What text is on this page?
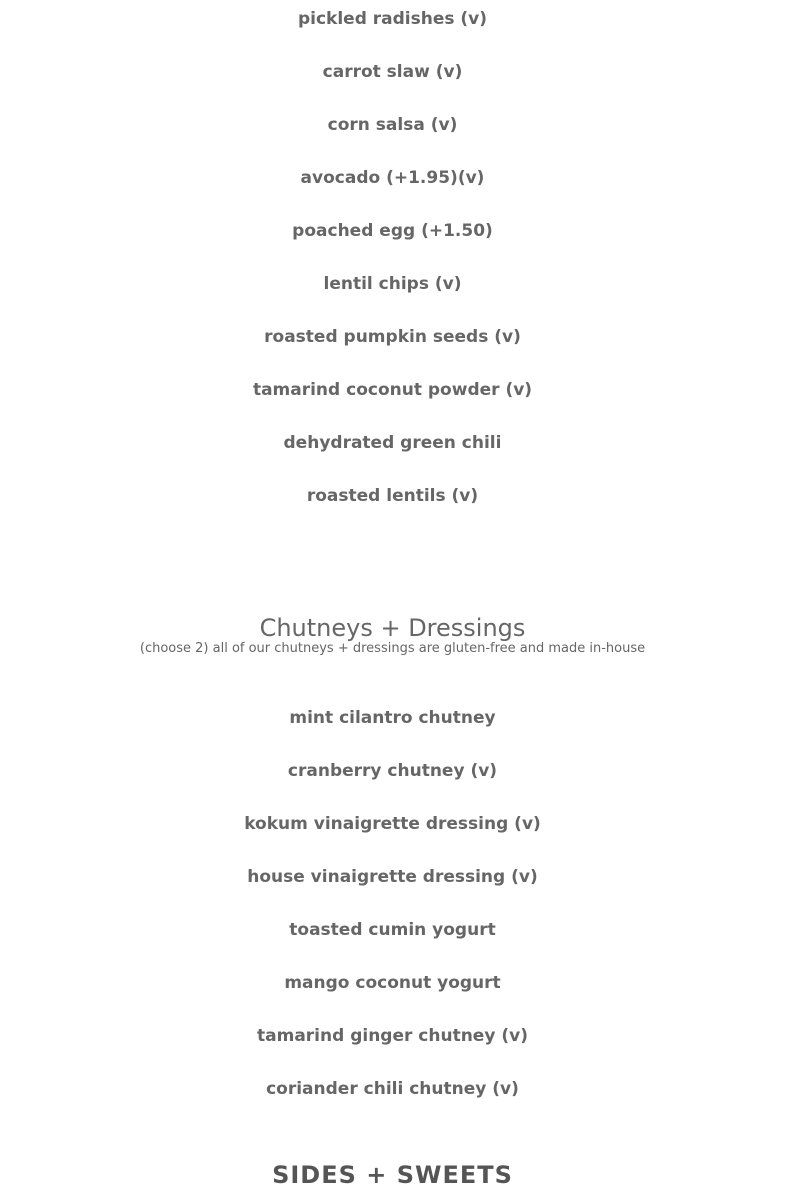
pickled radishes (v)
carrot slaw (v)
corn salsa (v)
avocado (+1.95)(v)
poached egg (+1.50)
lentil chips (v)
roasted pumpkin seeds (v)
tamarind coconut powder (v)
dehydrated green chili
roasted lentils (v)
Chutneys + Dressings
(choose 2) all of our chutneys + dressings are gluten-free and made in-house
mint cilantro chutney
cranberry chutney (v)
kokum vinaigrette dressing (v)
house vinaigrette dressing (v)
toasted cumin yogurt
mango coconut yogurt
tamarind ginger chutney (v)
coriander chili chutney (v)
SIDES + SWEETS
